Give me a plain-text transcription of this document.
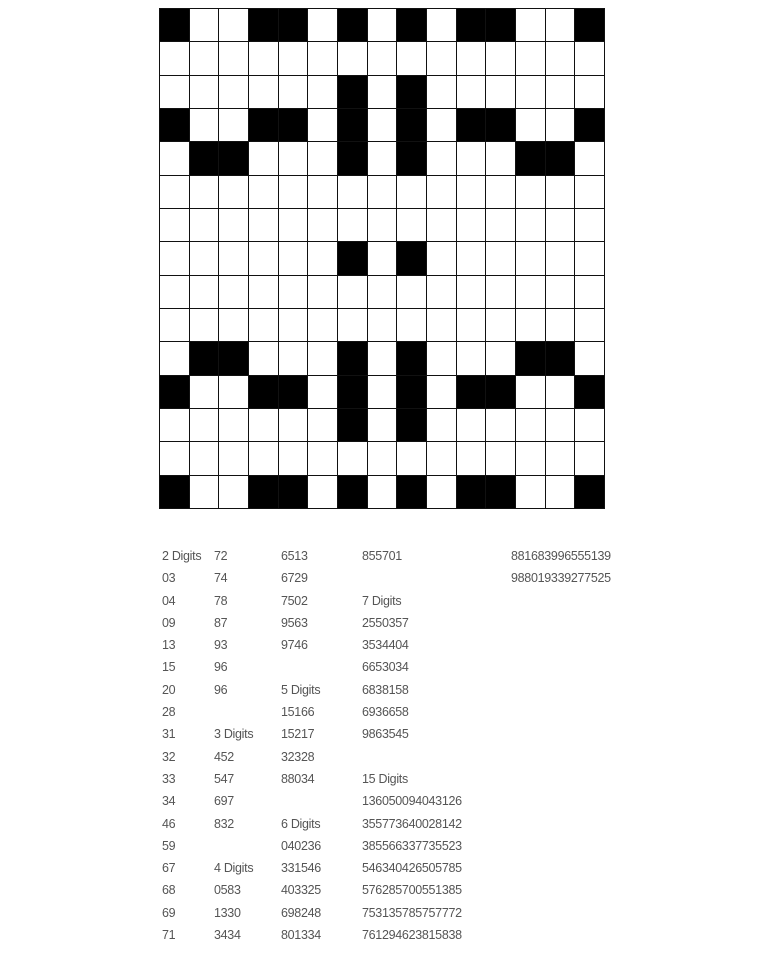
2 Digits
03
04
09
13
15
20
28
31
32
33
34
46
59
67
68
69
71
72
74
78
87
93
96
96
3 Digits
452
547
697
832
4 Digits
0583
1330
3434
6513
6729
7502
9563
9746
5 Digits
15166
15217
32328
88034
6 Digits
040236
331546
403325
698248
801334
855701
7 Digits
2550357
3534404
6653034
6838158
6936658
9863545
15 Digits
136050094043126
355773640028142
385566337735523
546340426505785
576285700551385
753135785757772
761294623815838
881683996555139
988019339277525
